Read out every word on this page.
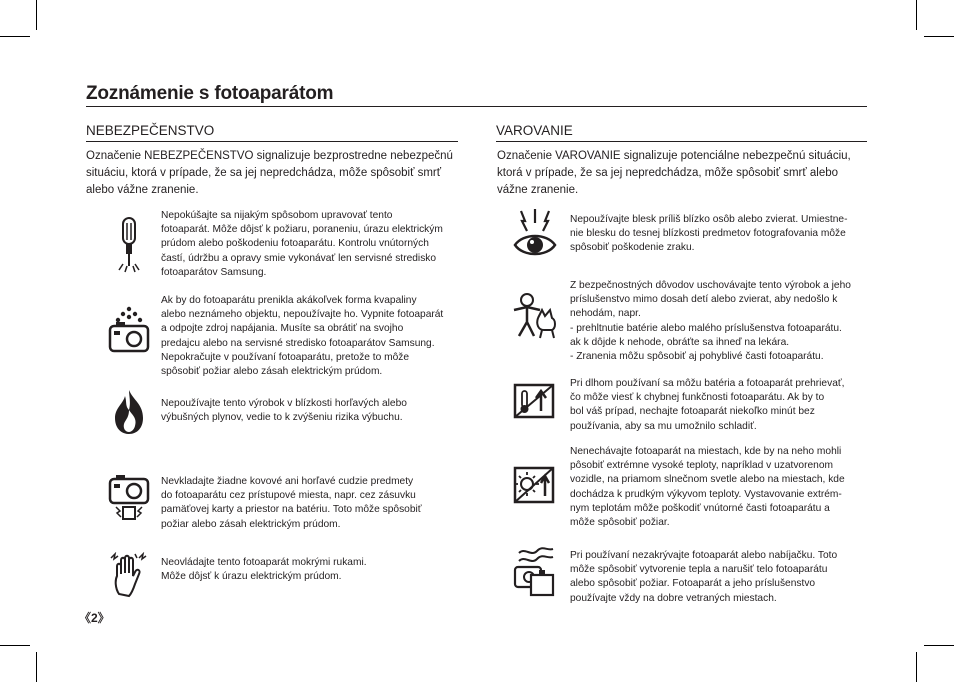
Zoznámenie s fotoaparátom
NEBEZPEČENSTVO
Označenie NEBEZPEČENSTVO signalizuje bezprostredne nebezpečnú situáciu, ktorá v prípade, že sa jej nepredchádza, môže spôsobiť smrť alebo vážne zranenie.
Nepokúšajte sa nijakým spôsobom upravovať tento
fotoaparát. Môže dôjsť k požiaru, poraneniu, úrazu elektrickým
prúdom alebo poškodeniu fotoaparátu. Kontrolu vnútorných
častí, údržbu a opravy smie vykonávať len servisné stredisko
fotoaparátov Samsung.
Ak by do fotoaparátu prenikla akákoľvek forma kvapaliny
alebo neznámeho objektu, nepoužívajte ho. Vypnite fotoaparát
a odpojte zdroj napájania. Musíte sa obrátiť na svojho
predajcu alebo na servisné stredisko fotoaparátov Samsung.
Nepokračujte v používaní fotoaparátu, pretože to môže
spôsobiť požiar alebo zásah elektrickým prúdom.
Nepoužívajte tento výrobok v blízkosti horľavých alebo
výbušných plynov, vedie to k zvýšeniu rizika výbuchu.
Nevkladajte žiadne kovové ani horľavé cudzie predmety
do fotoaparátu cez prístupové miesta, napr. cez zásuvku
pamäťovej karty a priestor na batériu. Toto môže spôsobiť
požiar alebo zásah elektrickým prúdom.
Neovládajte tento fotoaparát mokrými rukami.
Môže dôjsť k úrazu elektrickým prúdom.
VAROVANIE
Označenie VAROVANIE signalizuje potenciálne nebezpečnú situáciu, ktorá v prípade, že sa jej nepredchádza, môže spôsobiť smrť alebo vážne zranenie.
Nepoužívajte blesk príliš blízko osôb alebo zvierat. Umiestne-
nie blesku do tesnej blízkosti predmetov fotografovania môže
spôsobiť poškodenie zraku.
Z bezpečnostných dôvodov uschovávajte tento výrobok a jeho
príslušenstvo mimo dosah detí alebo zvierat, aby nedošlo k
nehodám, napr.
- prehltnutie batérie alebo malého príslušenstva fotoaparátu.
ak k dôjde k nehode, obráťte sa ihneď na lekára.
- Zranenia môžu spôsobiť aj pohyblivé časti fotoaparátu.
Pri dlhom používaní sa môžu batéria a fotoaparát prehrievať,
čo môže viesť k chybnej funkčnosti fotoaparátu. Ak by to
bol váš prípad, nechajte fotoaparát niekoľko minút bez
používania, aby sa mu umožnilo schladiť.
Nenechávajte fotoaparát na miestach, kde by na neho mohli
pôsobiť extrémne vysoké teploty, napríklad v uzatvorenom
vozidle, na priamom slnečnom svetle alebo na miestach, kde
dochádza k prudkým výkyvom teploty. Vystavovanie extrém-
nym teplotám môže poškodiť vnútorné časti fotoaparátu a
môže spôsobiť požiar.
Pri používaní nezakrývajte fotoaparát alebo nabíjačku. Toto
môže spôsobiť vytvorenie tepla a narušiť telo fotoaparátu
alebo spôsobiť požiar. Fotoaparát a jeho príslušenstvo
používajte vždy na dobre vetraných miestach.
《2》
